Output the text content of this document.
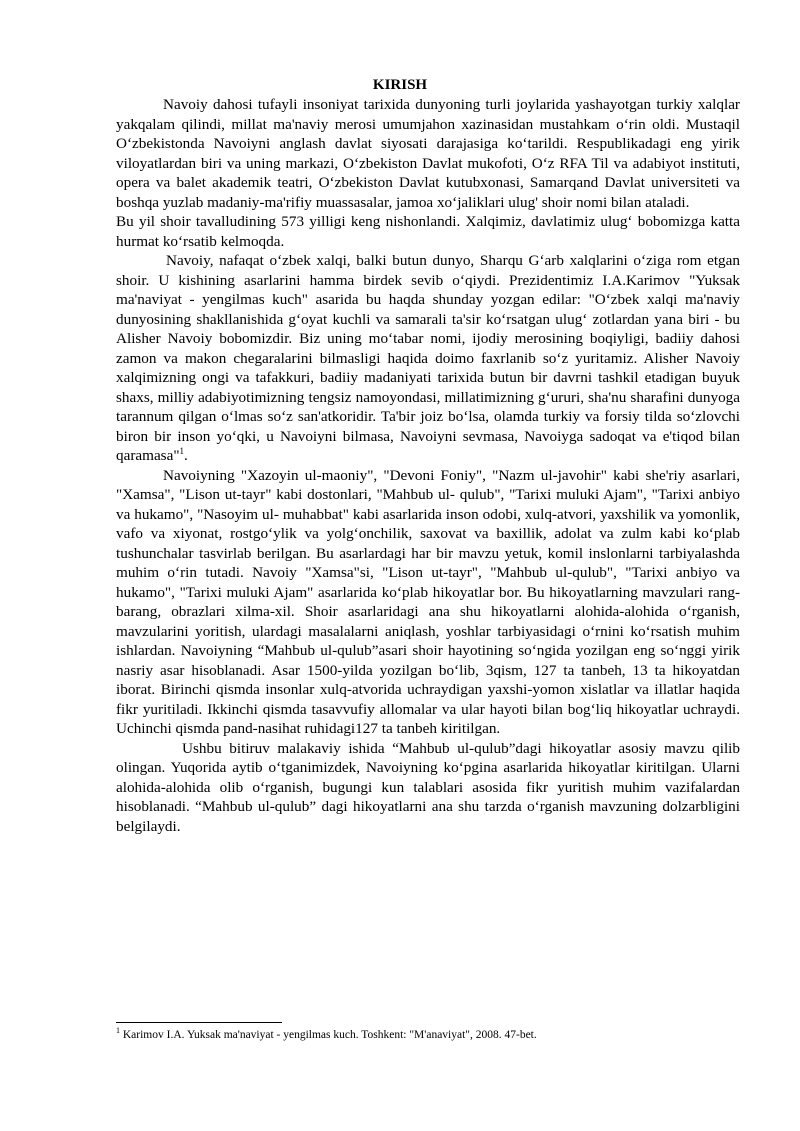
KIRISH

Navoiy dahosi tufayli insoniyat tarixida dunyoning turli joylarida yashayotgan turkiy xalqlar yakqalam qilindi, millat ma'naviy merosi umumjahon xazinasidan mustahkam o‘rin oldi. Mustaqil O‘zbekistonda Navoiyni anglash davlat siyosati darajasiga ko‘tarildi. Respublikadagi eng yirik viloyatlardan biri va uning markazi, O‘zbekiston Davlat mukofoti, O‘z RFA Til va adabiyot instituti, opera va balet akademik teatri, O‘zbekiston Davlat kutubxonasi, Samarqand Davlat universiteti va boshqa yuzlab madaniy-ma'rifiy muassasalar, jamoa xo‘jaliklari ulug' shoir nomi bilan ataladi.

Bu yil shoir tavalludining 573 yilligi keng nishonlandi. Xalqimiz, davlatimiz ulug‘ bobomizga katta hurmat ko‘rsatib kelmoqda.

Navoiy, nafaqat o‘zbek xalqi, balki butun dunyo, Sharqu G‘arb xalqlarini o‘ziga rom etgan shoir. U kishining asarlarini hamma birdek sevib o‘qiydi. Prezidentimiz I.A.Karimov "Yuksak ma'naviyat - yengilmas kuch" asarida bu haqda shunday yozgan edilar: "O‘zbek xalqi ma'naviy dunyosining shakllanishida g‘oyat kuchli va samarali ta'sir ko‘rsatgan ulug‘ zotlardan yana biri - bu Alisher Navoiy bobomizdir. Biz uning mo‘tabar nomi, ijodiy merosining boqiyligi, badiiy dahosi zamon va makon chegaralarini bilmasligi haqida doimo faxrlanib so‘z yuritamiz. Alisher Navoiy xalqimizning ongi va tafakkuri, badiiy madaniyati tarixida butun bir davrni tashkil etadigan buyuk shaxs, milliy adabiyotimizning tengsiz namoyondasi, millatimizning g‘ururi, sha'nu sharafini dunyoga tarannum qilgan o‘lmas so‘z san'atkoridir. Ta'bir joiz bo‘lsa, olamda turkiy va forsiy tilda so‘zlovchi biron bir inson yo‘qki, u Navoiyni bilmasa, Navoiyni sevmasa, Navoiyga sadoqat va e'tiqod bilan qaramasa"$^1$.

Navoiyning "Xazoyin ul-maoniy", "Devoni Foniy", "Nazm ul-javohir" kabi she'riy asarlari, "Xamsa", "Lison ut-tayr" kabi dostonlari, "Mahbub ul- qulub", "Tarixi muluki Ajam", "Tarixi anbiyo va hukamo", "Nasoyim ul- muhabbat" kabi asarlarida inson odobi, xulq-atvori, yaxshilik va yomonlik, vafo va xiyonat, rostgo‘ylik va yolg‘onchilik, saxovat va baxillik, adolat va zulm kabi ko‘plab tushunchalar tasvirlab berilgan. Bu asarlardagi har bir mavzu yetuk, komil inslonlarni tarbiyalashda muhim o‘rin tutadi. Navoiy "Xamsa"si, "Lison ut-tayr", "Mahbub ul-qulub", "Tarixi anbiyo va hukamo", "Tarixi muluki Ajam" asarlarida ko‘plab hikoyatlar bor. Bu hikoyatlarning mavzulari rang-barang, obrazlari xilma-xil. Shoir asarlaridagi ana shu hikoyatlarni alohida-alohida o‘rganish, mavzularini yoritish, ulardagi masalalarni aniqlash, yoshlar tarbiyasidagi o‘rnini ko‘rsatish muhim ishlardan. Navoiyning “Mahbub ul-qulub”asari shoir hayotining so‘ngida yozilgan eng so‘nggi yirik nasriy asar hisoblanadi. Asar 1500-yilda yozilgan bo‘lib, 3qism, 127 ta tanbeh, 13 ta hikoyatdan iborat. Birinchi qismda insonlar xulq-atvorida uchraydigan yaxshi-yomon xislatlar va illatlar haqida fikr yuritiladi. Ikkinchi qismda tasavvufiy allomalar va ular hayoti bilan bog‘liq hikoyatlar uchraydi. Uchinchi qismda pand-nasihat ruhidagi127 ta tanbeh kiritilgan.

Ushbu bitiruv malakaviy ishida “Mahbub ul-qulub”dagi hikoyatlar asosiy mavzu qilib olingan. Yuqorida aytib o‘tganimizdek, Navoiyning ko‘pgina asarlarida hikoyatlar kiritilgan. Ularni alohida-alohida olib o‘rganish, bugungi kun talablari asosida fikr yuritish muhim vazifalardan hisoblanadi. “Mahbub ul-qulub” dagi hikoyatlarni ana shu tarzda o‘rganish mavzuning dolzarbligini belgilaydi.

$^1$ Karimov I.A. Yuksak ma'naviyat - yengilmas kuch. Toshkent: "M'anaviyat", 2008. 47-bet.
